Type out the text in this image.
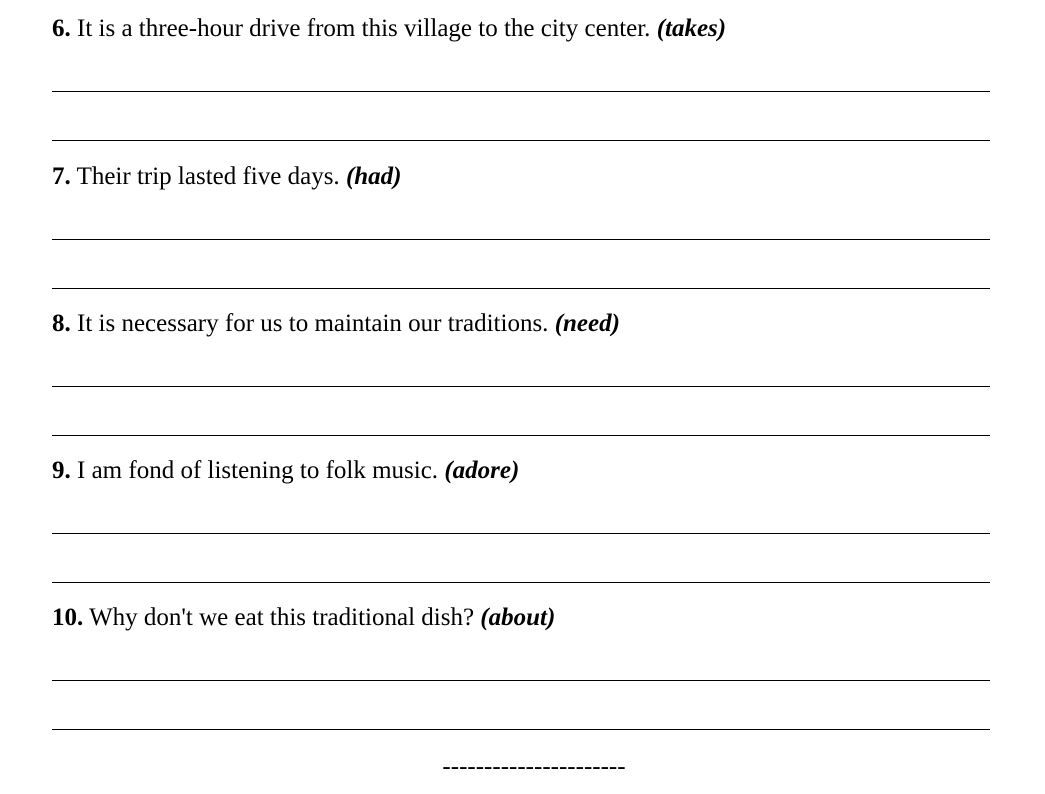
6. It is a three-hour drive from this village to the city center. (takes)
7. Their trip lasted five days. (had)
8. It is necessary for us to maintain our traditions. (need)
9. I am fond of listening to folk music. (adore)
10. Why don't we eat this traditional dish? (about)
----------------------
